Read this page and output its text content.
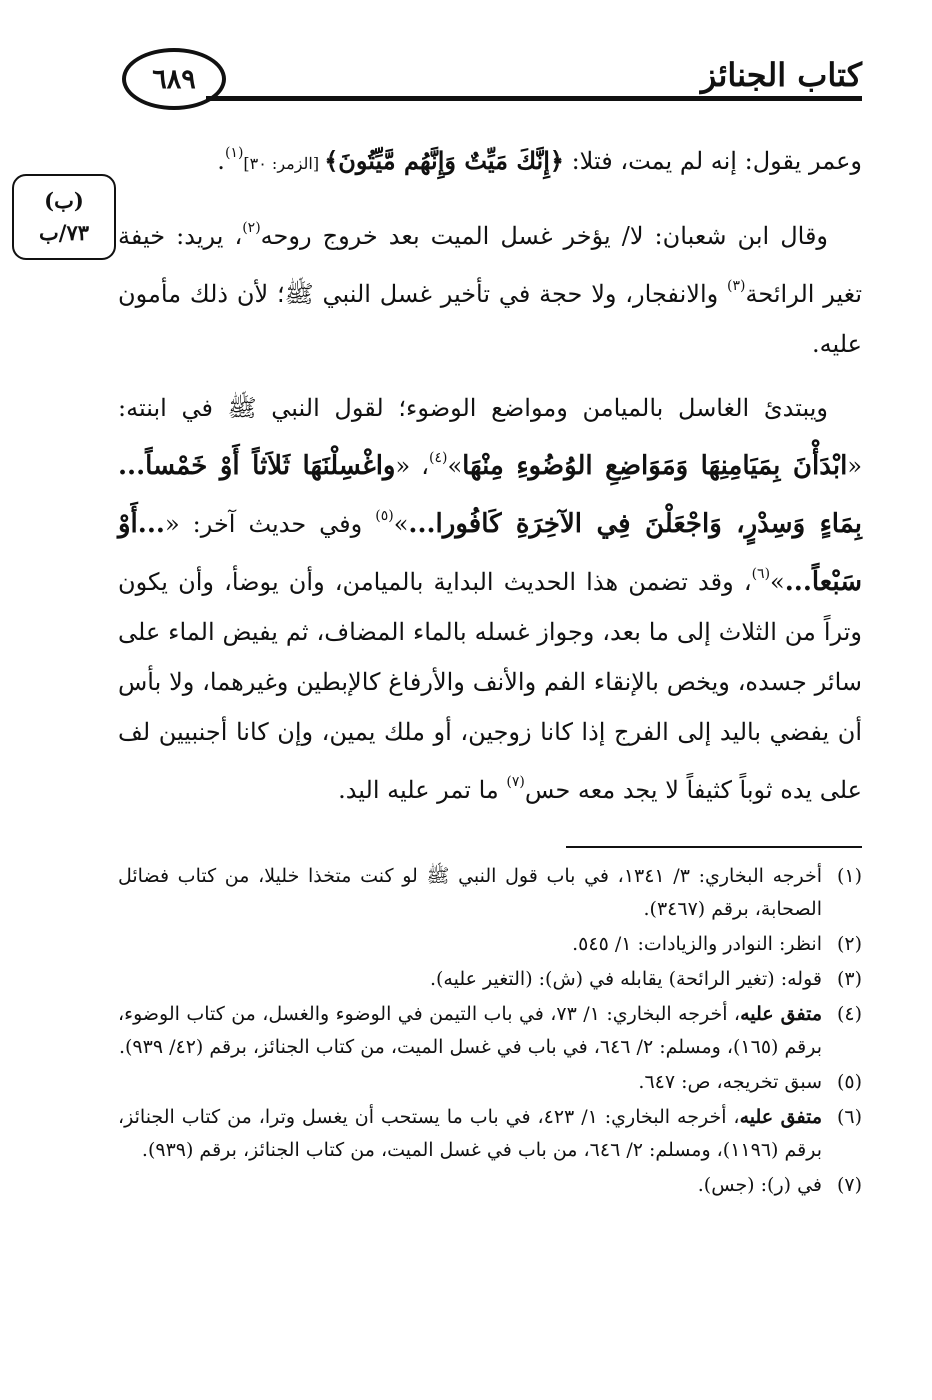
٦٨٩	كتاب الجنائز
(ب)
٧٣/ب

وعمر يقول: إنه لم يمت، فتلا: ﴿إِنَّكَ مَيِّتٌ وَإِنَّهُم مَّيِّتُونَ﴾ [الزمر: ٣٠]$^{(١)}$.

وقال ابن شعبان: لا/ يؤخر غسل الميت بعد خروج روحه$^{(٢)}$، يريد: خيفة تغير الرائحة$^{(٣)}$ والانفجار، ولا حجة في تأخير غسل النبي ﷺ؛ لأن ذلك مأمون عليه.

ويبتدئ الغاسل بالميامن ومواضع الوضوء؛ لقول النبي ﷺ في ابنته: «ابْدَأْنَ بِمَيَامِنِهَا وَمَوَاضِعِ الوُضُوءِ مِنْهَا»$^{(٤)}$، «واغْسِلْنَهَا ثَلاَثاً أَوْ خَمْساً... بِمَاءٍ وَسِدْرٍ، وَاجْعَلْنَ فِي الآخِرَةِ كَافُورا...»$^{(٥)}$ وفي حديث آخر: «...أَوْ سَبْعاً...»$^{(٦)}$، وقد تضمن هذا الحديث البداية بالميامن، وأن يوضأ، وأن يكون وتراً من الثلاث إلى ما بعد، وجواز غسله بالماء المضاف، ثم يفيض الماء على سائر جسده، ويخص بالإنقاء الفم والأنف والأرفاغ كالإبطين وغيرهما، ولا بأس أن يفضي باليد إلى الفرج إذا كانا زوجين، أو ملك يمين، وإن كانا أجنبيين لف على يده ثوباً كثيفاً لا يجد معه حس$^{(٧)}$ ما تمر عليه اليد.

(١)أخرجه البخاري: ٣/ ١٣٤١، في باب قول النبي ﷺ لو كنت متخذا خليلا، من كتاب فضائل الصحابة، برقم (٣٤٦٧).

(٢)انظر: النوادر والزيادات: ١/ ٥٤٥.

(٣)قوله: (تغير الرائحة) يقابله في (ش): (التغير عليه).

(٤)متفق عليه، أخرجه البخاري: ١/ ٧٣، في باب التيمن في الوضوء والغسل، من كتاب الوضوء، برقم (١٦٥)، ومسلم: ٢/ ٦٤٦، في باب في غسل الميت، من كتاب الجنائز، برقم (٤٢/ ٩٣٩).

(٥)سبق تخريجه، ص: ٦٤٧.

(٦)متفق عليه، أخرجه البخاري: ١/ ٤٢٣، في باب ما يستحب أن يغسل وترا، من كتاب الجنائز، برقم (١١٩٦)، ومسلم: ٢/ ٦٤٦، من باب في غسل الميت، من كتاب الجنائز، برقم (٩٣٩).

(٧)في (ر): (جس).
